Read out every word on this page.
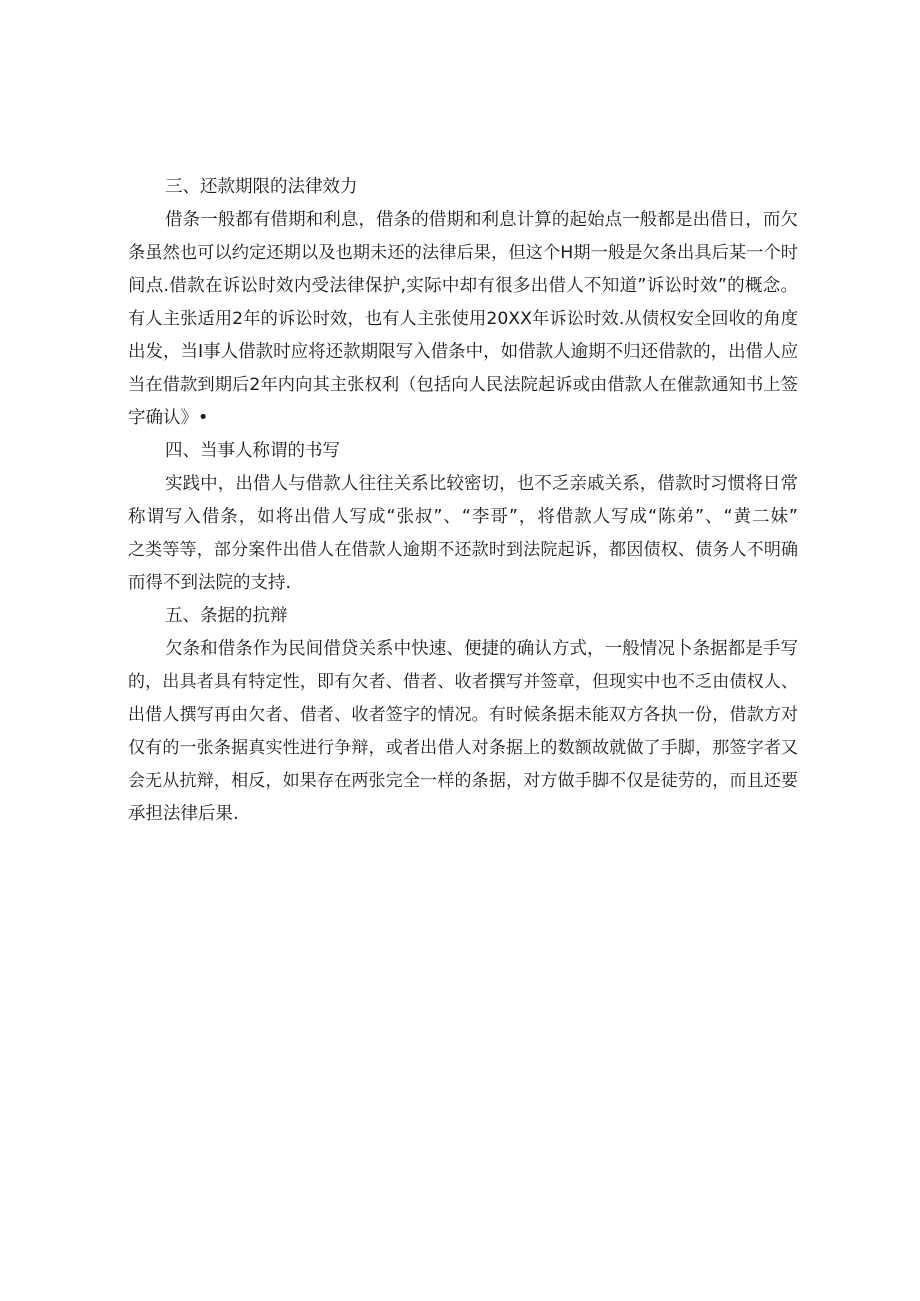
三、还款期限的法律效力
借条一般都有借期和利息，借条的借期和利息计算的起始点一般都是出借日，而欠
条虽然也可以约定还期以及也期未还的法律后果，但这个H期一般是欠条出具后某一个时
间点.借款在诉讼时效内受法律保护,实际中却有很多出借人不知道”诉讼时效”的概念。
有人主张适用2年的诉讼时效，也有人主张使用20XX年诉讼时效.从债权安全回收的角度
出发，当I事人借款时应将还款期限写入借条中，如借款人逾期不归还借款的，出借人应
当在借款到期后2年内向其主张权利（包括向人民法院起诉或由借款人在催款通知书上签
字确认》•
四、当事人称谓的书写
实践中，出借人与借款人往往关系比较密切，也不乏亲戚关系，借款时习惯将日常
称谓写入借条，如将出借人写成“张叔”、“李哥”，将借款人写成“陈弟”、“黄二妹”
之类等等，部分案件出借人在借款人逾期不还款时到法院起诉，都因债权、债务人不明确
而得不到法院的支持.
五、条据的抗辩
欠条和借条作为民间借贷关系中快速、便捷的确认方式，一般情况卜条据都是手写
的，出具者具有特定性，即有欠者、借者、收者撰写并签章，但现实中也不乏由债权人、
出借人撰写再由欠者、借者、收者签字的情况。有时候条据未能双方各执一份，借款方对
仅有的一张条据真实性进行争辩，或者出借人对条据上的数额故就做了手脚，那签字者又
会无从抗辩，相反，如果存在两张完全一样的条据，对方做手脚不仅是徒劳的，而且还要
承担法律后果.
